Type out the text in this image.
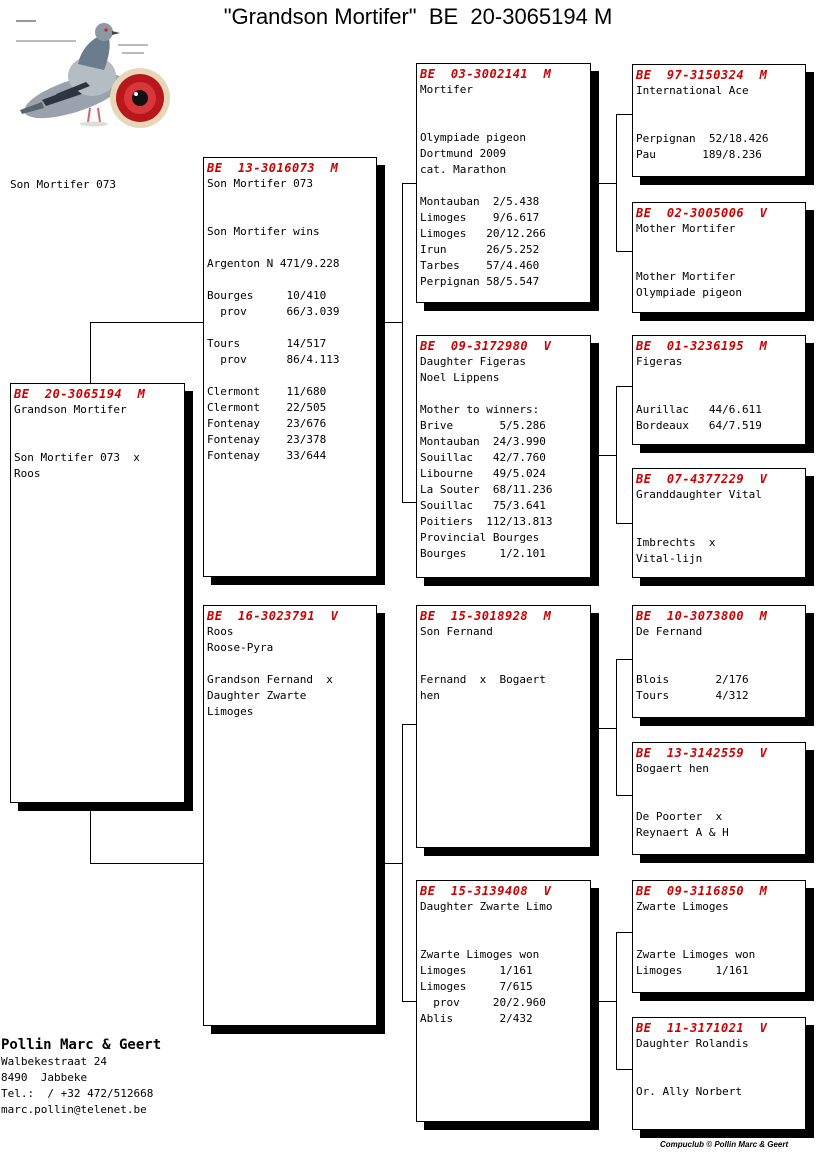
"Grandson Mortifer"  BE  20-3065194 M
Son Mortifer 073
BE  20-3065194  M
Grandson Mortifer
Son Mortifer 073  x
Roos
BE  13-3016073  M
Son Mortifer 073
Son Mortifer wins
Argenton N 471/9.228
Bourges     10/410
prov      66/3.039
Tours       14/517
prov      86/4.113
Clermont    11/680
Clermont    22/505
Fontenay    23/676
Fontenay    23/378
Fontenay    33/644
BE  16-3023791  V
Roos
Roose-Pyra
Grandson Fernand  x
Daughter Zwarte
Limoges
BE  03-3002141  M
Mortifer
Olympiade pigeon
Dortmund 2009
cat. Marathon
Montauban  2/5.438
Limoges    9/6.617
Limoges   20/12.266
Irun      26/5.252
Tarbes    57/4.460
Perpignan 58/5.547
BE  09-3172980  V
Daughter Figeras
Noel Lippens
Mother to winners:
Brive       5/5.286
Montauban  24/3.990
Souillac   42/7.760
Libourne   49/5.024
La Souter  68/11.236
Souillac   75/3.641
Poitiers  112/13.813
Provincial Bourges
Bourges     1/2.101
BE  15-3018928  M
Son Fernand
Fernand  x  Bogaert
hen
BE  15-3139408  V
Daughter Zwarte Limo
Zwarte Limoges won
Limoges     1/161
Limoges     7/615
prov     20/2.960
Ablis       2/432
BE  97-3150324  M
International Ace
Perpignan  52/18.426
Pau       189/8.236
BE  02-3005006  V
Mother Mortifer
Mother Mortifer
Olympiade pigeon
BE  01-3236195  M
Figeras
Aurillac   44/6.611
Bordeaux   64/7.519
BE  07-4377229  V
Granddaughter Vital
Imbrechts  x
Vital-lijn
BE  10-3073800  M
De Fernand
Blois       2/176
Tours       4/312
BE  13-3142559  V
Bogaert hen
De Poorter  x
Reynaert A & H
BE  09-3116850  M
Zwarte Limoges
Zwarte Limoges won
Limoges     1/161
BE  11-3171021  V
Daughter Rolandis
Or. Ally Norbert
Pollin Marc & Geert
Walbekestraat 24
8490  Jabbeke
Tel.:  / +32 472/512668
marc.pollin@telenet.be
Compuclub © Pollin Marc & Geert
